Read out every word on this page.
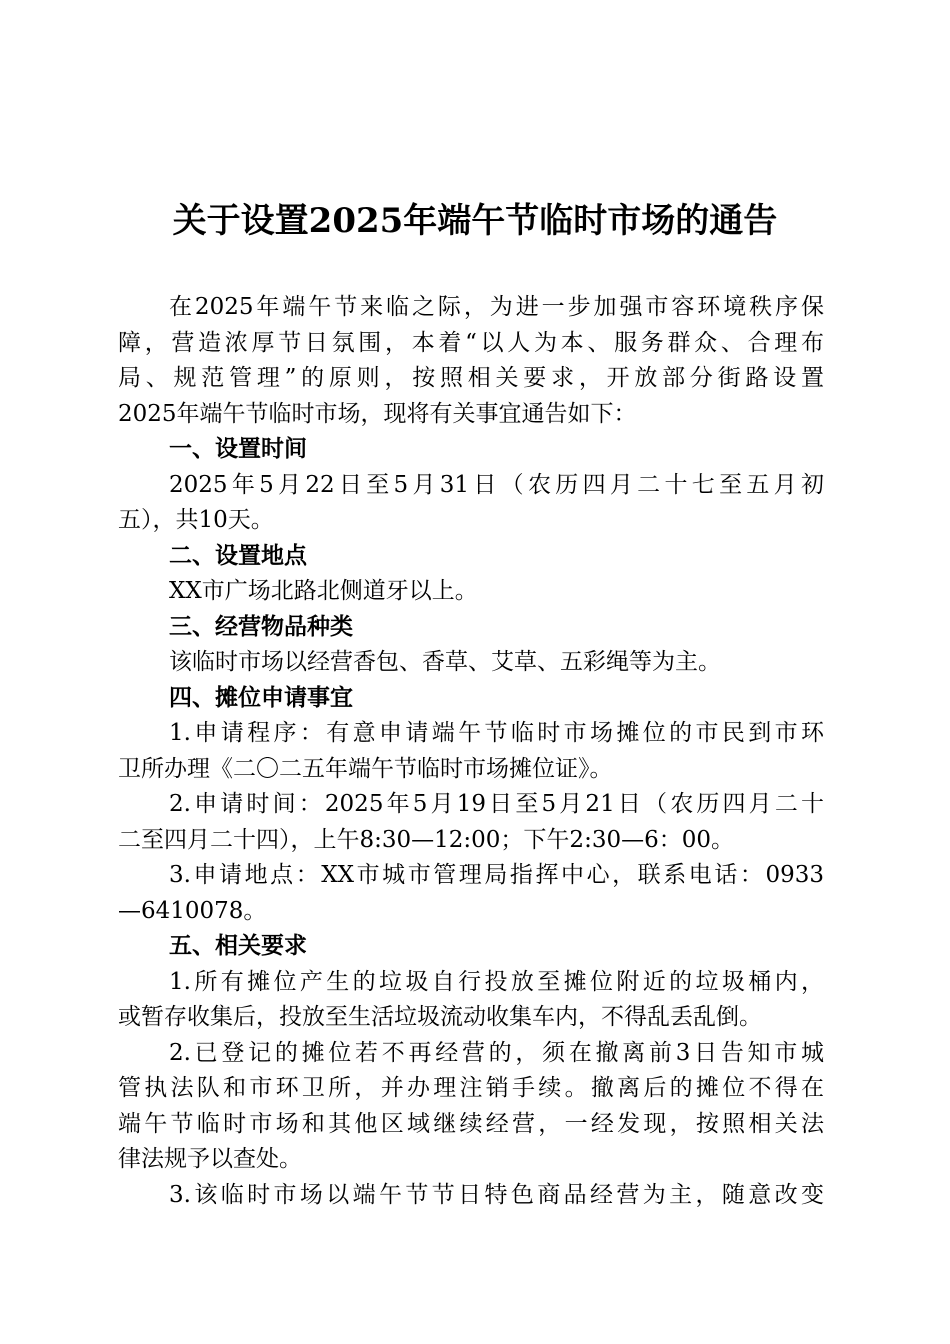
关于设置2025年端午节临时市场的通告
在2025年端午节来临之际，为进一步加强市容环境秩序保
障，营造浓厚节日氛围，本着“以人为本、服务群众、合理布
局、规范管理”的原则，按照相关要求，开放部分街路设置
2025年端午节临时市场，现将有关事宜通告如下：
一、设置时间
2025年5月22日至5月31日（农历四月二十七至五月初
五），共10天。
二、设置地点
XX市广场北路北侧道牙以上。
三、经营物品种类
该临时市场以经营香包、香草、艾草、五彩绳等为主。
四、摊位申请事宜
1.申请程序：有意申请端午节临时市场摊位的市民到市环
卫所办理《二〇二五年端午节临时市场摊位证》。
2.申请时间：2025年5月19日至5月21日（农历四月二十
二至四月二十四），上午8:30—12:00；下午2:30—6：00。
3.申请地点：XX市城市管理局指挥中心，联系电话：0933
—6410078。
五、相关要求
1.所有摊位产生的垃圾自行投放至摊位附近的垃圾桶内，
或暂存收集后，投放至生活垃圾流动收集车内，不得乱丢乱倒。
2.已登记的摊位若不再经营的，须在撤离前3日告知市城
管执法队和市环卫所，并办理注销手续。撤离后的摊位不得在
端午节临时市场和其他区域继续经营，一经发现，按照相关法
律法规予以查处。
3.该临时市场以端午节节日特色商品经营为主，随意改变
